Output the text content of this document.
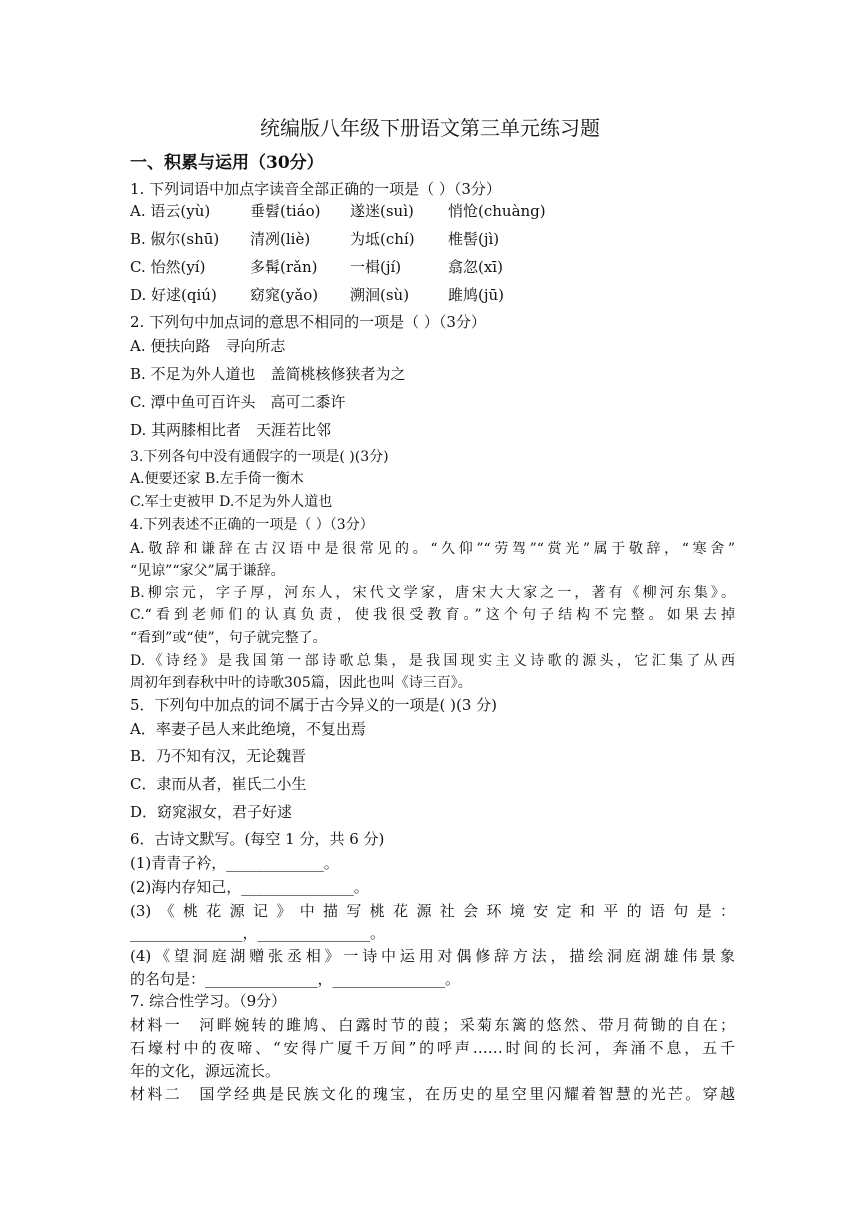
统编版八年级下册语文第三单元练习题
一、积累与运用（30分）
1. 下列词语中加点字读音全部正确的一项是（ ）（3分）
A. 语云(yù)	垂髫(tiáo) 遂迷(suì) 悄怆(chuàng)
B. 俶尔(shū) 清冽(liè)	为坻(chí) 椎髻(jì)
C. 怡然(yí)	多髯(rǎn) 一楫(jí)	翕忽(xī)
D. 好逑(qiú) 窈窕(yǎo) 溯洄(sù)	雎鸠(jū)
2. 下列句中加点词的意思不相同的一项是（ ）（3分）
A. 便扶向路　寻向所志
B. 不足为外人道也　盖简桃核修狭者为之
C. 潭中鱼可百许头　高可二黍许
D. 其两膝相比者　天涯若比邻
3.下列各句中没有通假字的一项是( )(3分)
A.便要还家 B.左手倚一衡木
C.军士吏被甲 D.不足为外人道也
4.下列表述不正确的一项是（ ）（3分）
A.敬辞和谦辞在古汉语中是很常见的。“久仰”“劳驾”“赏光”属于敬辞，“寒舍”
“见谅”“家父”属于谦辞。
B.柳宗元，字子厚，河东人，宋代文学家，唐宋大大家之一，著有《柳河东集》。
C.“看到老师们的认真负责，使我很受教育。”这个句子结构不完整。如果去掉
“看到”或“使”，句子就完整了。
D.《诗经》是我国第一部诗歌总集，是我国现实主义诗歌的源头，它汇集了从西
周初年到春秋中叶的诗歌305篇，因此也叫《诗三百》。
5．下列句中加点的词不属于古今异义的一项是( )(3 分)
A．率妻子邑人来此绝境，不复出焉
B．乃不知有汉，无论魏晋
C．隶而从者，崔氏二小生
D．窈窕淑女，君子好逑
6．古诗文默写。(每空 1 分，共 6 分)
(1)青青子衿，_____________。
(2)海内存知己，_______________。
(3)《桃花源记》中描写桃花源社会环境安定和平的语句是：
_______________，_______________。
(4)《望洞庭湖赠张丞相》一诗中运用对偶修辞方法，描绘洞庭湖雄伟景象
的名句是：_______________，_______________。
7. 综合性学习。（9分）
材料一　河畔婉转的雎鸠、白露时节的葭；采菊东篱的悠然、带月荷锄的自在；
石壕村中的夜啼、“安得广厦千万间”的呼声……时间的长河，奔涌不息，五千
年的文化，源远流长。
材料二　国学经典是民族文化的瑰宝，在历史的星空里闪耀着智慧的光芒。穿越
